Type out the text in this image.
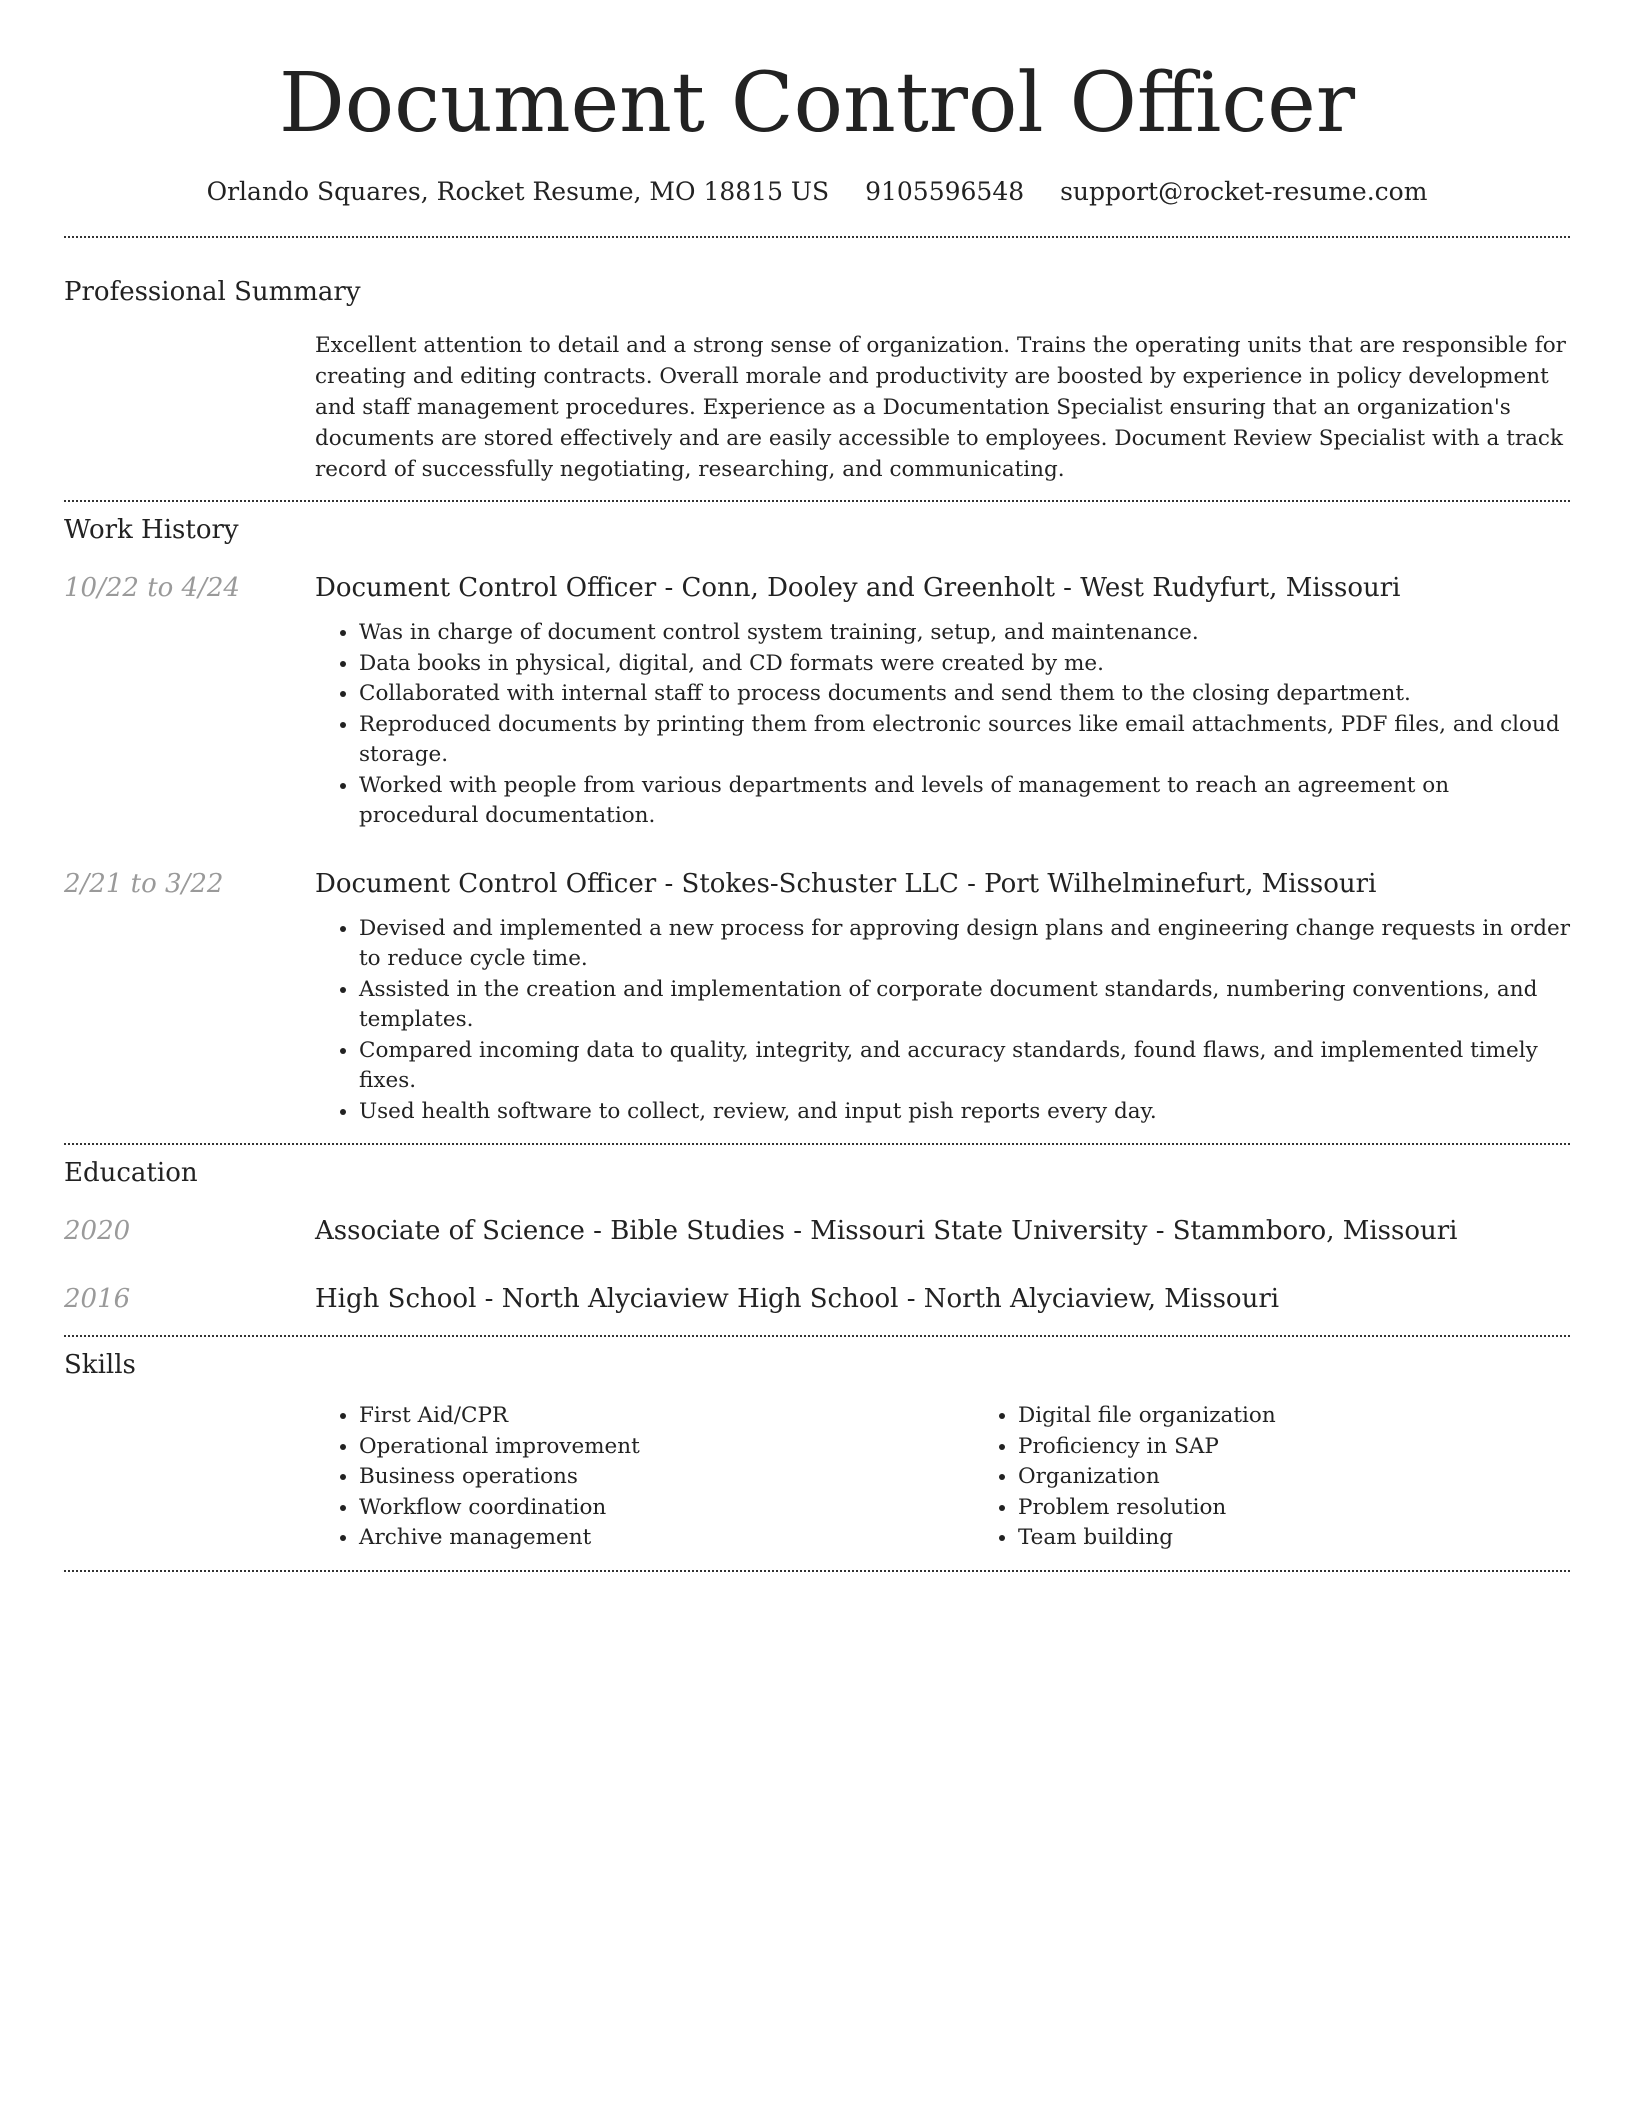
Document Control Officer
Orlando Squares, Rocket Resume, MO 18815 US 9105596548 support@rocket-resume.com
Professional Summary

Excellent attention to detail and a strong sense of organization. Trains the operating units that are responsible for creating and editing contracts. Overall morale and productivity are boosted by experience in policy development and staff management procedures. Experience as a Documentation Specialist ensuring that an organization's documents are stored effectively and are easily accessible to employees. Document Review Specialist with a track record of successfully negotiating, researching, and communicating.

Work History
10/22 to 4/24	Document Control Officer - Conn, Dooley and Greenholt - West Rudyfurt, Missouri
• Was in charge of document control system training, setup, and maintenance.
• Data books in physical, digital, and CD formats were created by me.
• Collaborated with internal staff to process documents and send them to the closing department.
• Reproduced documents by printing them from electronic sources like email attachments, PDF files, and cloud storage.
• Worked with people from various departments and levels of management to reach an agreement on procedural documentation.
2/21 to 3/22	Document Control Officer - Stokes-Schuster LLC - Port Wilhelminefurt, Missouri
• Devised and implemented a new process for approving design plans and engineering change requests in order to reduce cycle time.
• Assisted in the creation and implementation of corporate document standards, numbering conventions, and templates.
• Compared incoming data to quality, integrity, and accuracy standards, found flaws, and implemented timely fixes.
• Used health software to collect, review, and input pish reports every day.
Education
2020	Associate of Science - Bible Studies - Missouri State University - Stammboro, Missouri
2016	High School - North Alyciaview High School - North Alyciaview, Missouri
Skills
• First Aid/CPR
• Operational improvement
• Business operations
• Workflow coordination
• Archive management
• Digital file organization
• Proficiency in SAP
• Organization
• Problem resolution
• Team building
